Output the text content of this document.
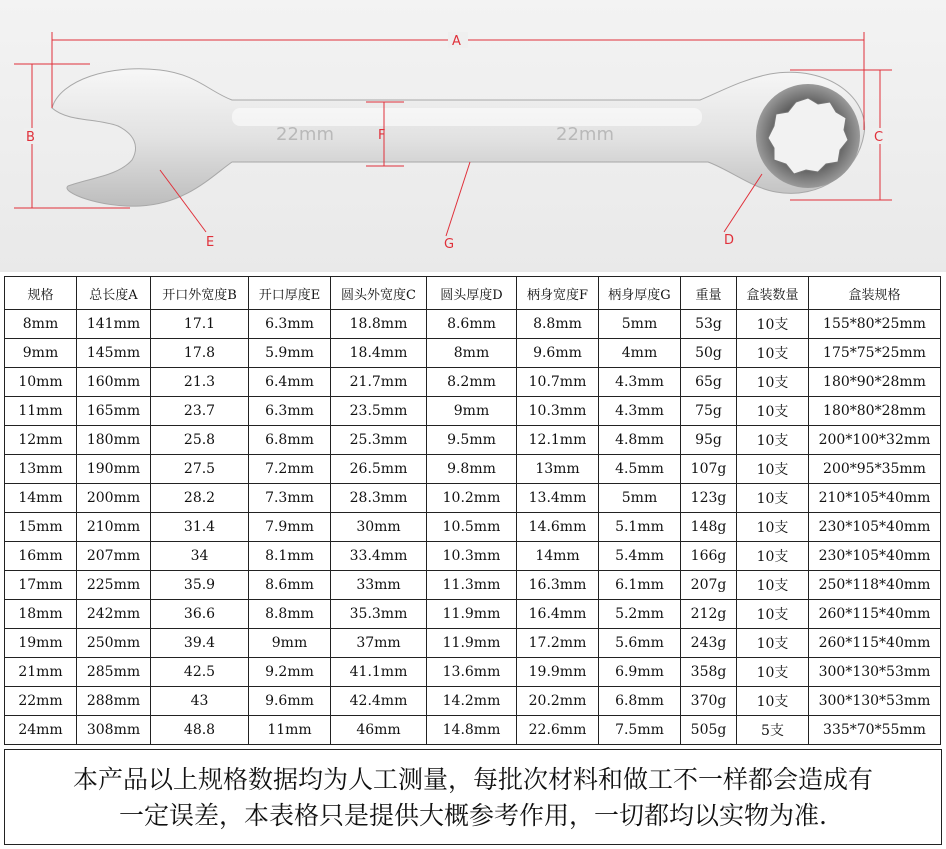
22mm	22mm
A
B	C
F
E	G	D
规格	总长度A	开口外宽度B	开口厚度E	圆头外宽度C	圆头厚度D	柄身宽度F	柄身厚度G	重量	盒装数量	盒装规格
8mm	141mm	17.1	6.3mm	18.8mm	8.6mm	8.8mm	5mm	53g	10支	155*80*25mm
9mm	145mm	17.8	5.9mm	18.4mm	8mm	9.6mm	4mm	50g	10支	175*75*25mm
10mm	160mm	21.3	6.4mm	21.7mm	8.2mm	10.7mm	4.3mm	65g	10支	180*90*28mm
11mm	165mm	23.7	6.3mm	23.5mm	9mm	10.3mm	4.3mm	75g	10支	180*80*28mm
12mm	180mm	25.8	6.8mm	25.3mm	9.5mm	12.1mm	4.8mm	95g	10支	200*100*32mm
13mm	190mm	27.5	7.2mm	26.5mm	9.8mm	13mm	4.5mm	107g	10支	200*95*35mm
14mm	200mm	28.2	7.3mm	28.3mm	10.2mm	13.4mm	5mm	123g	10支	210*105*40mm
15mm	210mm	31.4	7.9mm	30mm	10.5mm	14.6mm	5.1mm	148g	10支	230*105*40mm
16mm	207mm	34	8.1mm	33.4mm	10.3mm	14mm	5.4mm	166g	10支	230*105*40mm
17mm	225mm	35.9	8.6mm	33mm	11.3mm	16.3mm	6.1mm	207g	10支	250*118*40mm
18mm	242mm	36.6	8.8mm	35.3mm	11.9mm	16.4mm	5.2mm	212g	10支	260*115*40mm
19mm	250mm	39.4	9mm	37mm	11.9mm	17.2mm	5.6mm	243g	10支	260*115*40mm
21mm	285mm	42.5	9.2mm	41.1mm	13.6mm	19.9mm	6.9mm	358g	10支	300*130*53mm
22mm	288mm	43	9.6mm	42.4mm	14.2mm	20.2mm	6.8mm	370g	10支	300*130*53mm
24mm	308mm	48.8	11mm	46mm	14.8mm	22.6mm	7.5mm	505g	5支	335*70*55mm
本产品以上规格数据均为人工测量，每批次材料和做工不一样都会造成有
一定误差，本表格只是提供大概参考作用，一切都均以实物为准.
